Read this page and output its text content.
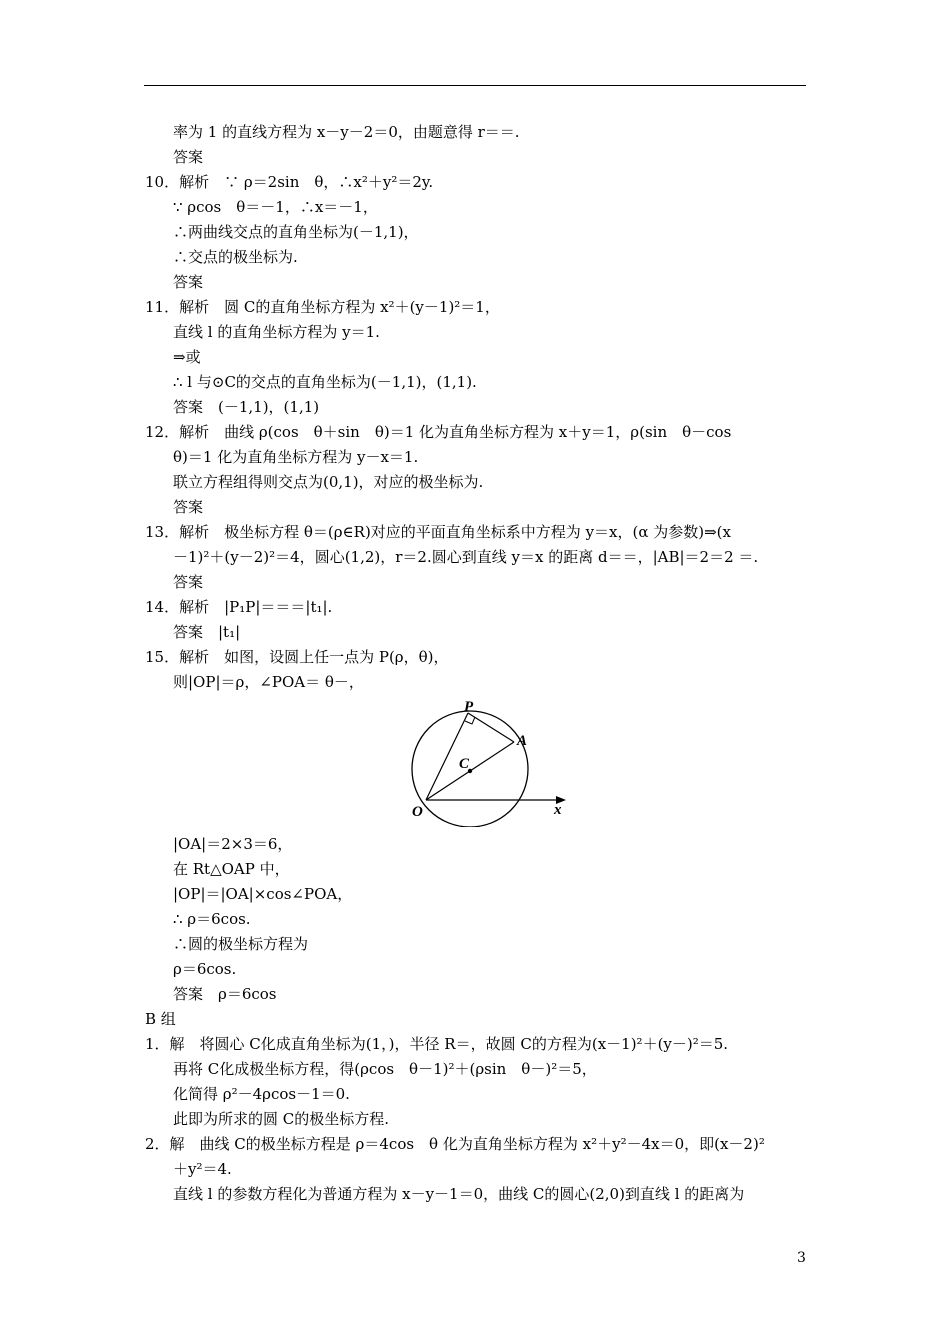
率为 1 的直线方程为 x－y－2＝0，由题意得 r＝＝.
答案
10．解析　∵ ρ＝2sin　θ，∴x²＋y²＝2y.
∵ ρcos　θ＝－1，∴x＝－1，
∴两曲线交点的直角坐标为(－1,1)，
∴交点的极坐标为.
答案
11．解析　圆 C的直角坐标方程为 x²＋(y－1)²＝1，
直线 l 的直角坐标方程为 y＝1.
⇒或
∴ l 与⊙C的交点的直角坐标为(－1,1)，(1,1).
答案　(－1,1)，(1,1)
12．解析　曲线 ρ(cos　θ＋sin　θ)＝1 化为直角坐标方程为 x＋y＝1，ρ(sin　θ－cos
θ)＝1 化为直角坐标方程为 y－x＝1.
联立方程组得则交点为(0,1)，对应的极坐标为.
答案
13．解析　极坐标方程 θ＝(ρ∈R)对应的平面直角坐标系中方程为 y＝x，(α 为参数)⇒(x
－1)²＋(y－2)²＝4，圆心(1,2)，r＝2.圆心到直线 y＝x 的距离 d＝＝，|AB|＝2＝2 ＝.
答案
14．解析　|P₁P|＝＝＝|t₁|.
答案　|t₁|
15．解析　如图，设圆上任一点为 P(ρ，θ)，
则|OP|＝ρ，∠POA＝ θ－，
|OA|＝2×3＝6，
在 Rt△OAP 中，
|OP|＝|OA|×cos∠POA，
∴ ρ＝6cos.
∴圆的极坐标方程为
ρ＝6cos.
答案　ρ＝6cos
B 组
1．解　将圆心 C化成直角坐标为(1，)，半径 R＝，故圆 C的方程为(x－1)²＋(y－)²＝5.
再将 C化成极坐标方程，得(ρcos　θ－1)²＋(ρsin　θ－)²＝5，
化简得 ρ²－4ρcos－1＝0.
此即为所求的圆 C的极坐标方程.
2．解　曲线 C的极坐标方程是 ρ＝4cos　θ 化为直角坐标方程为 x²＋y²－4x＝0，即(x－2)²
＋y²＝4.
直线 l 的参数方程化为普通方程为 x－y－1＝0，曲线 C的圆心(2,0)到直线 l 的距离为
P
A
C
O	x
3
